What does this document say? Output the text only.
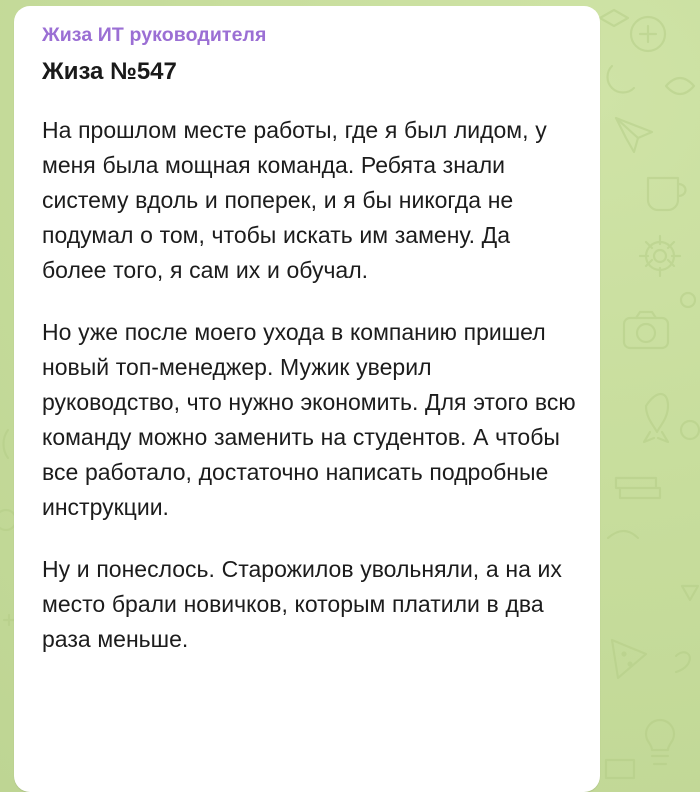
Жиза ИТ руководителя
Жиза №547

На прошлом месте работы, где я был лидом, у меня была мощная команда. Ребята знали систему вдоль и поперек, и я бы никогда не подумал о том, чтобы искать им замену. Да более того, я сам их и обучал.

Но уже после моего ухода в компанию пришел новый топ-менеджер. Мужик уверил руководство, что нужно экономить. Для этого всю команду можно заменить на студентов. А чтобы все работало, достаточно написать подробные инструкции.

Ну и понеслось. Старожилов увольняли, а на их место брали новичков, которым платили в два раза меньше.
